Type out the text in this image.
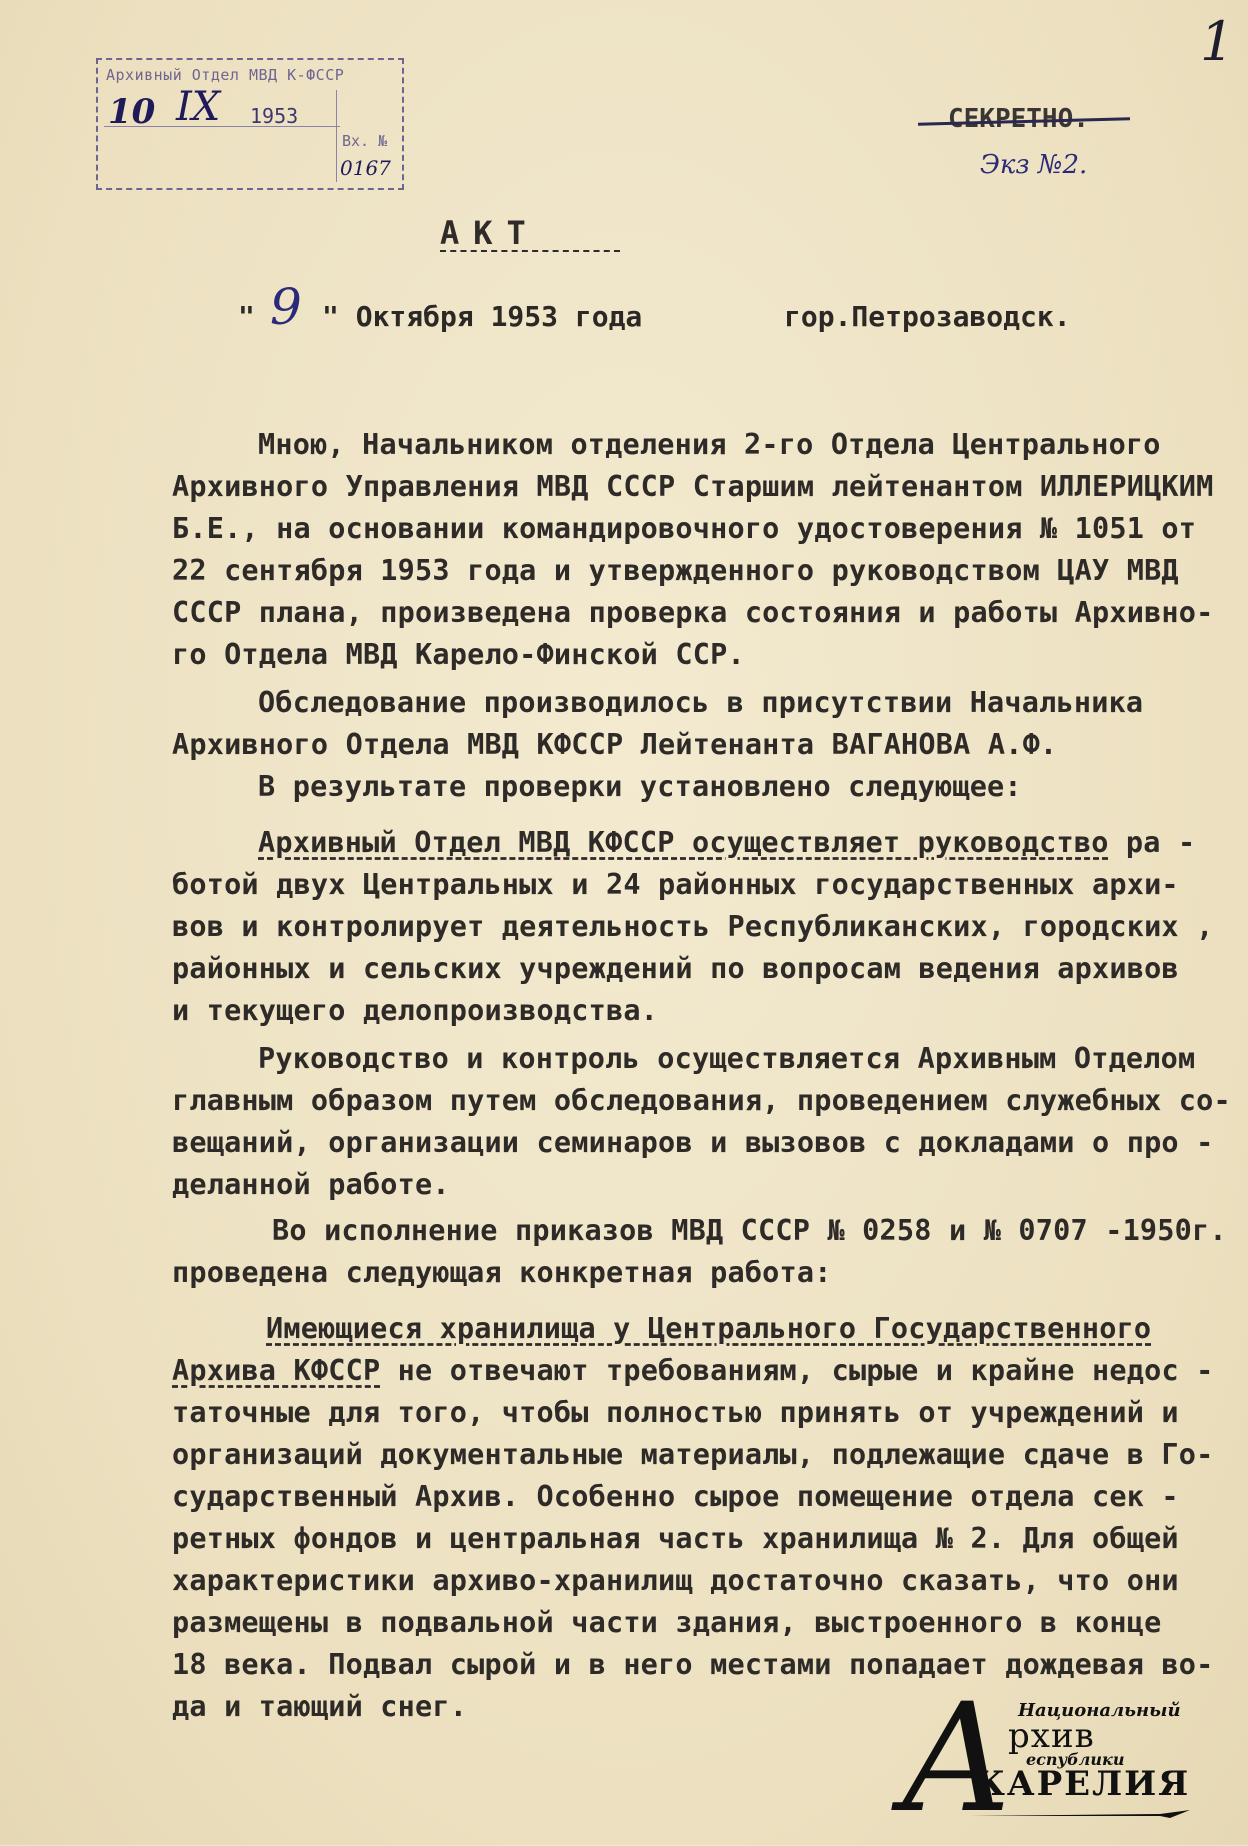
1
Архивный Отдел МВД К-ФССР
10 IX 1953
Вх. №
0167
СЕКРЕТНО.
Экз №2.
АКТ
" 9 " Октября 1953 года	гор.Петрозаводск.
Мною, Начальником отделения 2-го Отдела Центрального
Архивного Управления МВД СССР Старшим лейтенантом ИЛЛЕРИЦКИМ
Б.Е., на основании командировочного удостоверения № 1051 от
22 сентября 1953 года и утвержденного руководством ЦАУ МВД
СССР плана, произведена проверка состояния и работы Архивно-
го Отдела МВД Карело-Финской ССР.
Обследование производилось в присутствии Начальника
Архивного Отдела МВД КФССР Лейтенанта ВАГАНОВА А.Ф.
В результате проверки установлено следующее:
Архивный Отдел МВД КФССР осуществляет руководство ра -
ботой двух Центральных и 24 районных государственных архи-
вов и контролирует деятельность Республиканских, городских ,
районных и сельских учреждений по вопросам ведения архивов
и текущего делопроизводства.
Руководство и контроль осуществляется Архивным Отделом
главным образом путем обследования, проведением служебных со-
вещаний, организации семинаров и вызовов с докладами о про -
деланной работе.
Во исполнение приказов МВД СССР № 0258 и № 0707 -1950г.
проведена следующая конкретная работа:
Имеющиеся хранилища у Центрального Государственного
Архива КФССР не отвечают требованиям, сырые и крайне недос -
таточные для того, чтобы полностью принять от учреждений и
организаций документальные материалы, подлежащие сдаче в Го-
сударственный Архив. Особенно сырое помещение отдела сек -
ретных фондов и центральная часть хранилища № 2. Для общей
характеристики архиво-хранилищ достаточно сказать, что они
размещены в подвальной части здания, выстроенного в конце
18 века. Подвал сырой и в него местами попадает дождевая во-
да и тающий снег.	А Национальный
рхив
еспублики
КАРЕЛИЯ
